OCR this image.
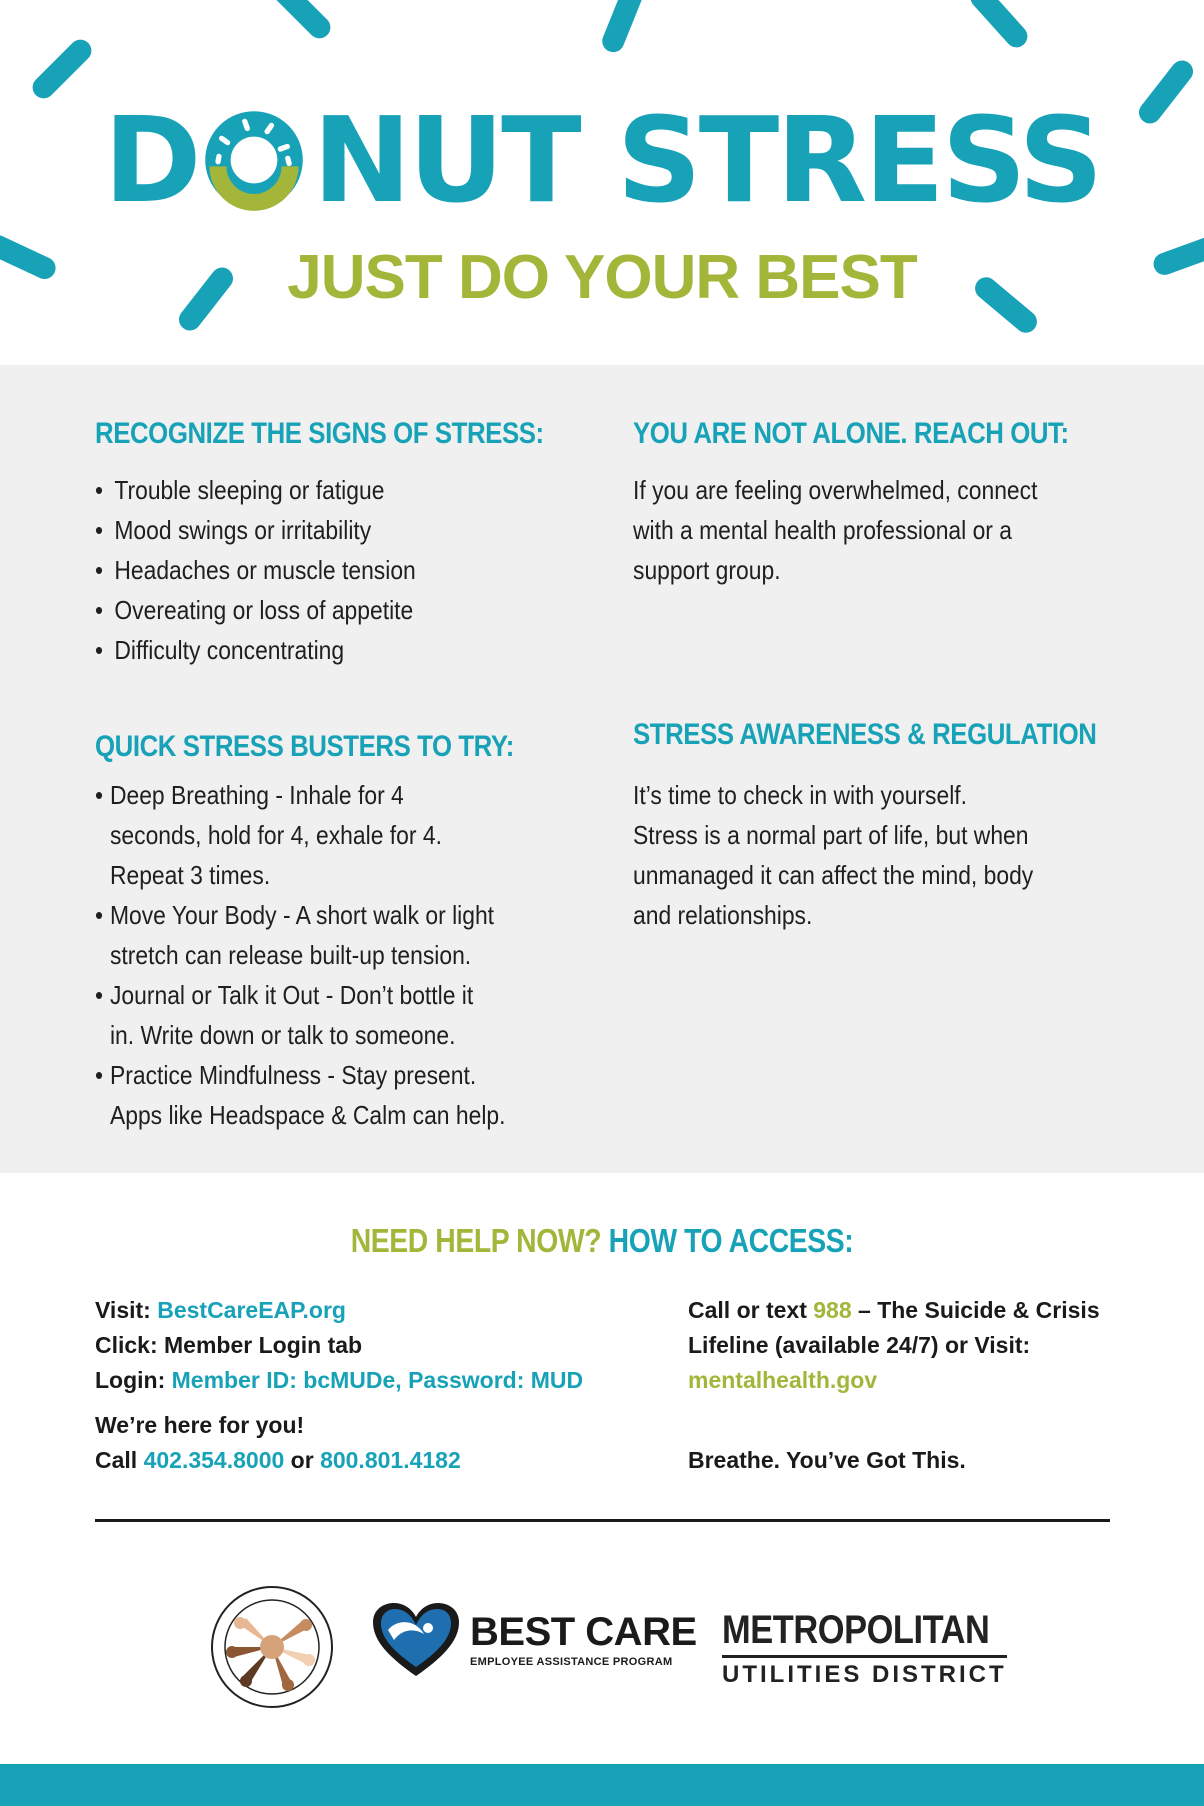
D NUT STRESS
JUST DO YOUR BEST
RECOGNIZE THE SIGNS OF STRESS:
• Trouble sleeping or fatigue
• Mood swings or irritability
• Headaches or muscle tension
• Overeating or loss of appetite
• Difficulty concentrating
YOU ARE NOT ALONE. REACH OUT:
If you are feeling overwhelmed, connect
with a mental health professional or a
support group.
QUICK STRESS BUSTERS TO TRY:
• Deep Breathing - Inhale for 4
seconds, hold for 4, exhale for 4.
Repeat 3 times.
• Move Your Body - A short walk or light
stretch can release built-up tension.
• Journal or Talk it Out - Don’t bottle it
in. Write down or talk to someone.
• Practice Mindfulness - Stay present.
Apps like Headspace & Calm can help.
STRESS AWARENESS & REGULATION
It’s time to check in with yourself.
Stress is a normal part of life, but when
unmanaged it can affect the mind, body
and relationships.
NEED HELP NOW? HOW TO ACCESS:
Visit: BestCareEAP.org
Click: Member Login tab
Login: Member ID: bcMUDe, Password: MUD
We’re here for you!
Call 402.354.8000 or 800.801.4182
Call or text 988 – The Suicide & Crisis
Lifeline (available 24/7) or Visit:
mentalhealth.gov
Breathe. You’ve Got This.
BEST CARE
EMPLOYEE ASSISTANCE PROGRAM
METROPOLITAN
UTILITIES DISTRICT
